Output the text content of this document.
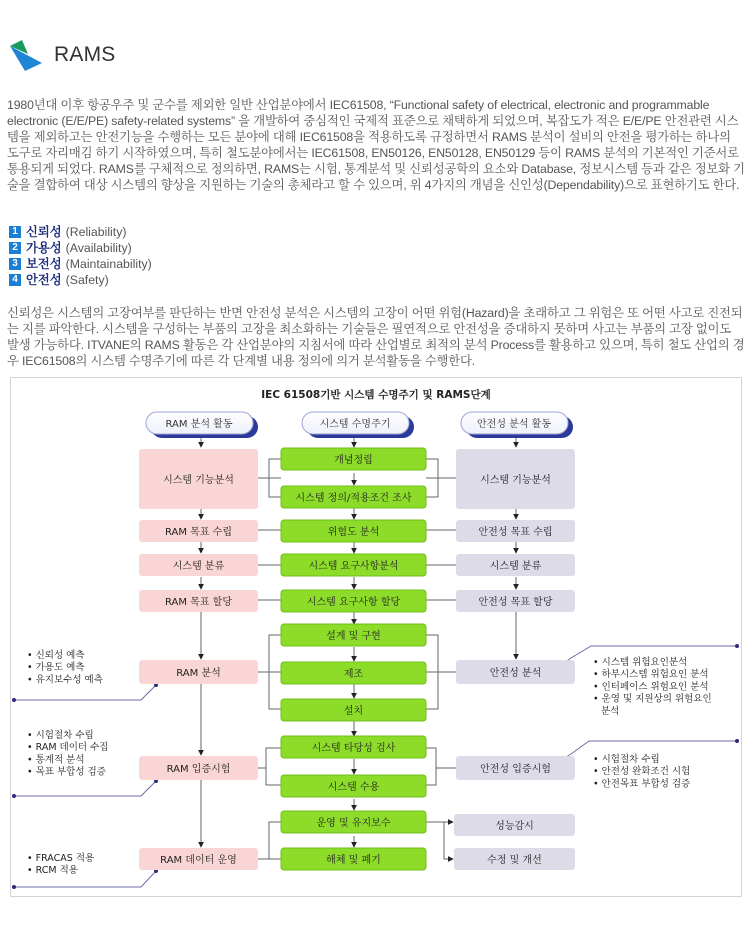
RAMS
1980년대 이후 항공우주 및 군수를 제외한 일반 산업분야에서 IEC61508, “Functional safety of electrical, electronic and programmable electronic (E/E/PE) safety-related systems” 을 개발하여 중심적인 국제적 표준으로 채택하게 되었으며, 복잡도가 적은 E/E/PE 안전관련 시스템을 제외하고는 안전기능을 수행하는 모든 분야에 대해 IEC61508을 적용하도록 규정하면서 RAMS 분석이 설비의 안전을 평가하는 하나의 도구로 자리매김 하기 시작하였으며, 특히 철도분야에서는 IEC61508, EN50126, EN50128, EN50129 등이 RAMS 분석의 기본적인 기준서로 통용되게 되었다. RAMS를 구체적으로 정의하면, RAMS는 시험, 통계분석 및 신뢰성공학의 요소와 Database, 정보시스템 등과 같은 정보화 기술을 결합하여 대상 시스템의 향상을 지원하는 기술의 총체라고 할 수 있으며, 위 4가지의 개념을 신인성(Dependability)으로 표현하기도 한다.
1 신뢰성 (Reliability)
2 가용성 (Availability)
3 보전성 (Maintainability)
4 안전성 (Safety)
신뢰성은 시스템의 고장여부를 판단하는 반면 안전성 분석은 시스템의 고장이 어떤 위험(Hazard)을 초래하고 그 위험은 또 어떤 사고로 진전되는 지를 파악한다. 시스템을 구성하는 부품의 고장을 최소화하는 기술들은 필연적으로 안전성을 증대하지 못하며 사고는 부품의 고장 없이도 발생 가능하다. ITVANE의 RAMS 활동은 각 산업분야의 지침서에 따라 산업별로 최적의 분석 Process를 활용하고 있으며, 특히 철도 산업의 경우 IEC61508의 시스템 수명주기에 따른 각 단계별 내용 정의에 의거 분석활동을 수행한다.
IEC 61508기반 시스템 수명주기 및 RAMS단계
RAM 분석 활동	시스템 수명주기	안전성 분석 활동
개념정립
시스템 정의/적용조건 조사
위험도 분석
시스템 요구사항분석
시스템 요구사항 할당
설계 및 구현
제조
설치
시스템 타당성 검사
시스템 수용
운영 및 유지보수
해체 및 폐기
시스템 기능분석
RAM 목표 수립
시스템 분류
RAM 목표 할당
RAM 분석
RAM 입증시험
RAM 데이터 운영
시스템 기능분석
안전성 목표 수립
시스템 분류
안전성 목표 할당
안전성 분석
안전성 입증시험
성능감시
수정 및 개선
• 신뢰성 예측
• 가용도 예측
• 유지보수성 예측
• 시험절차 수립
• RAM 데이터 수집
• 통계적 분석
• 목표 부합성 검증
• FRACAS 적용
• RCM 적용
• 시스템 위험요인분석
• 하부시스템 위험요인 분석
• 인터페이스 위험요인 분석
• 운영 및 지원상의 위험요인
분석
• 시험절차 수립
• 안전성 완화조건 시험
• 안전목표 부합성 검증
